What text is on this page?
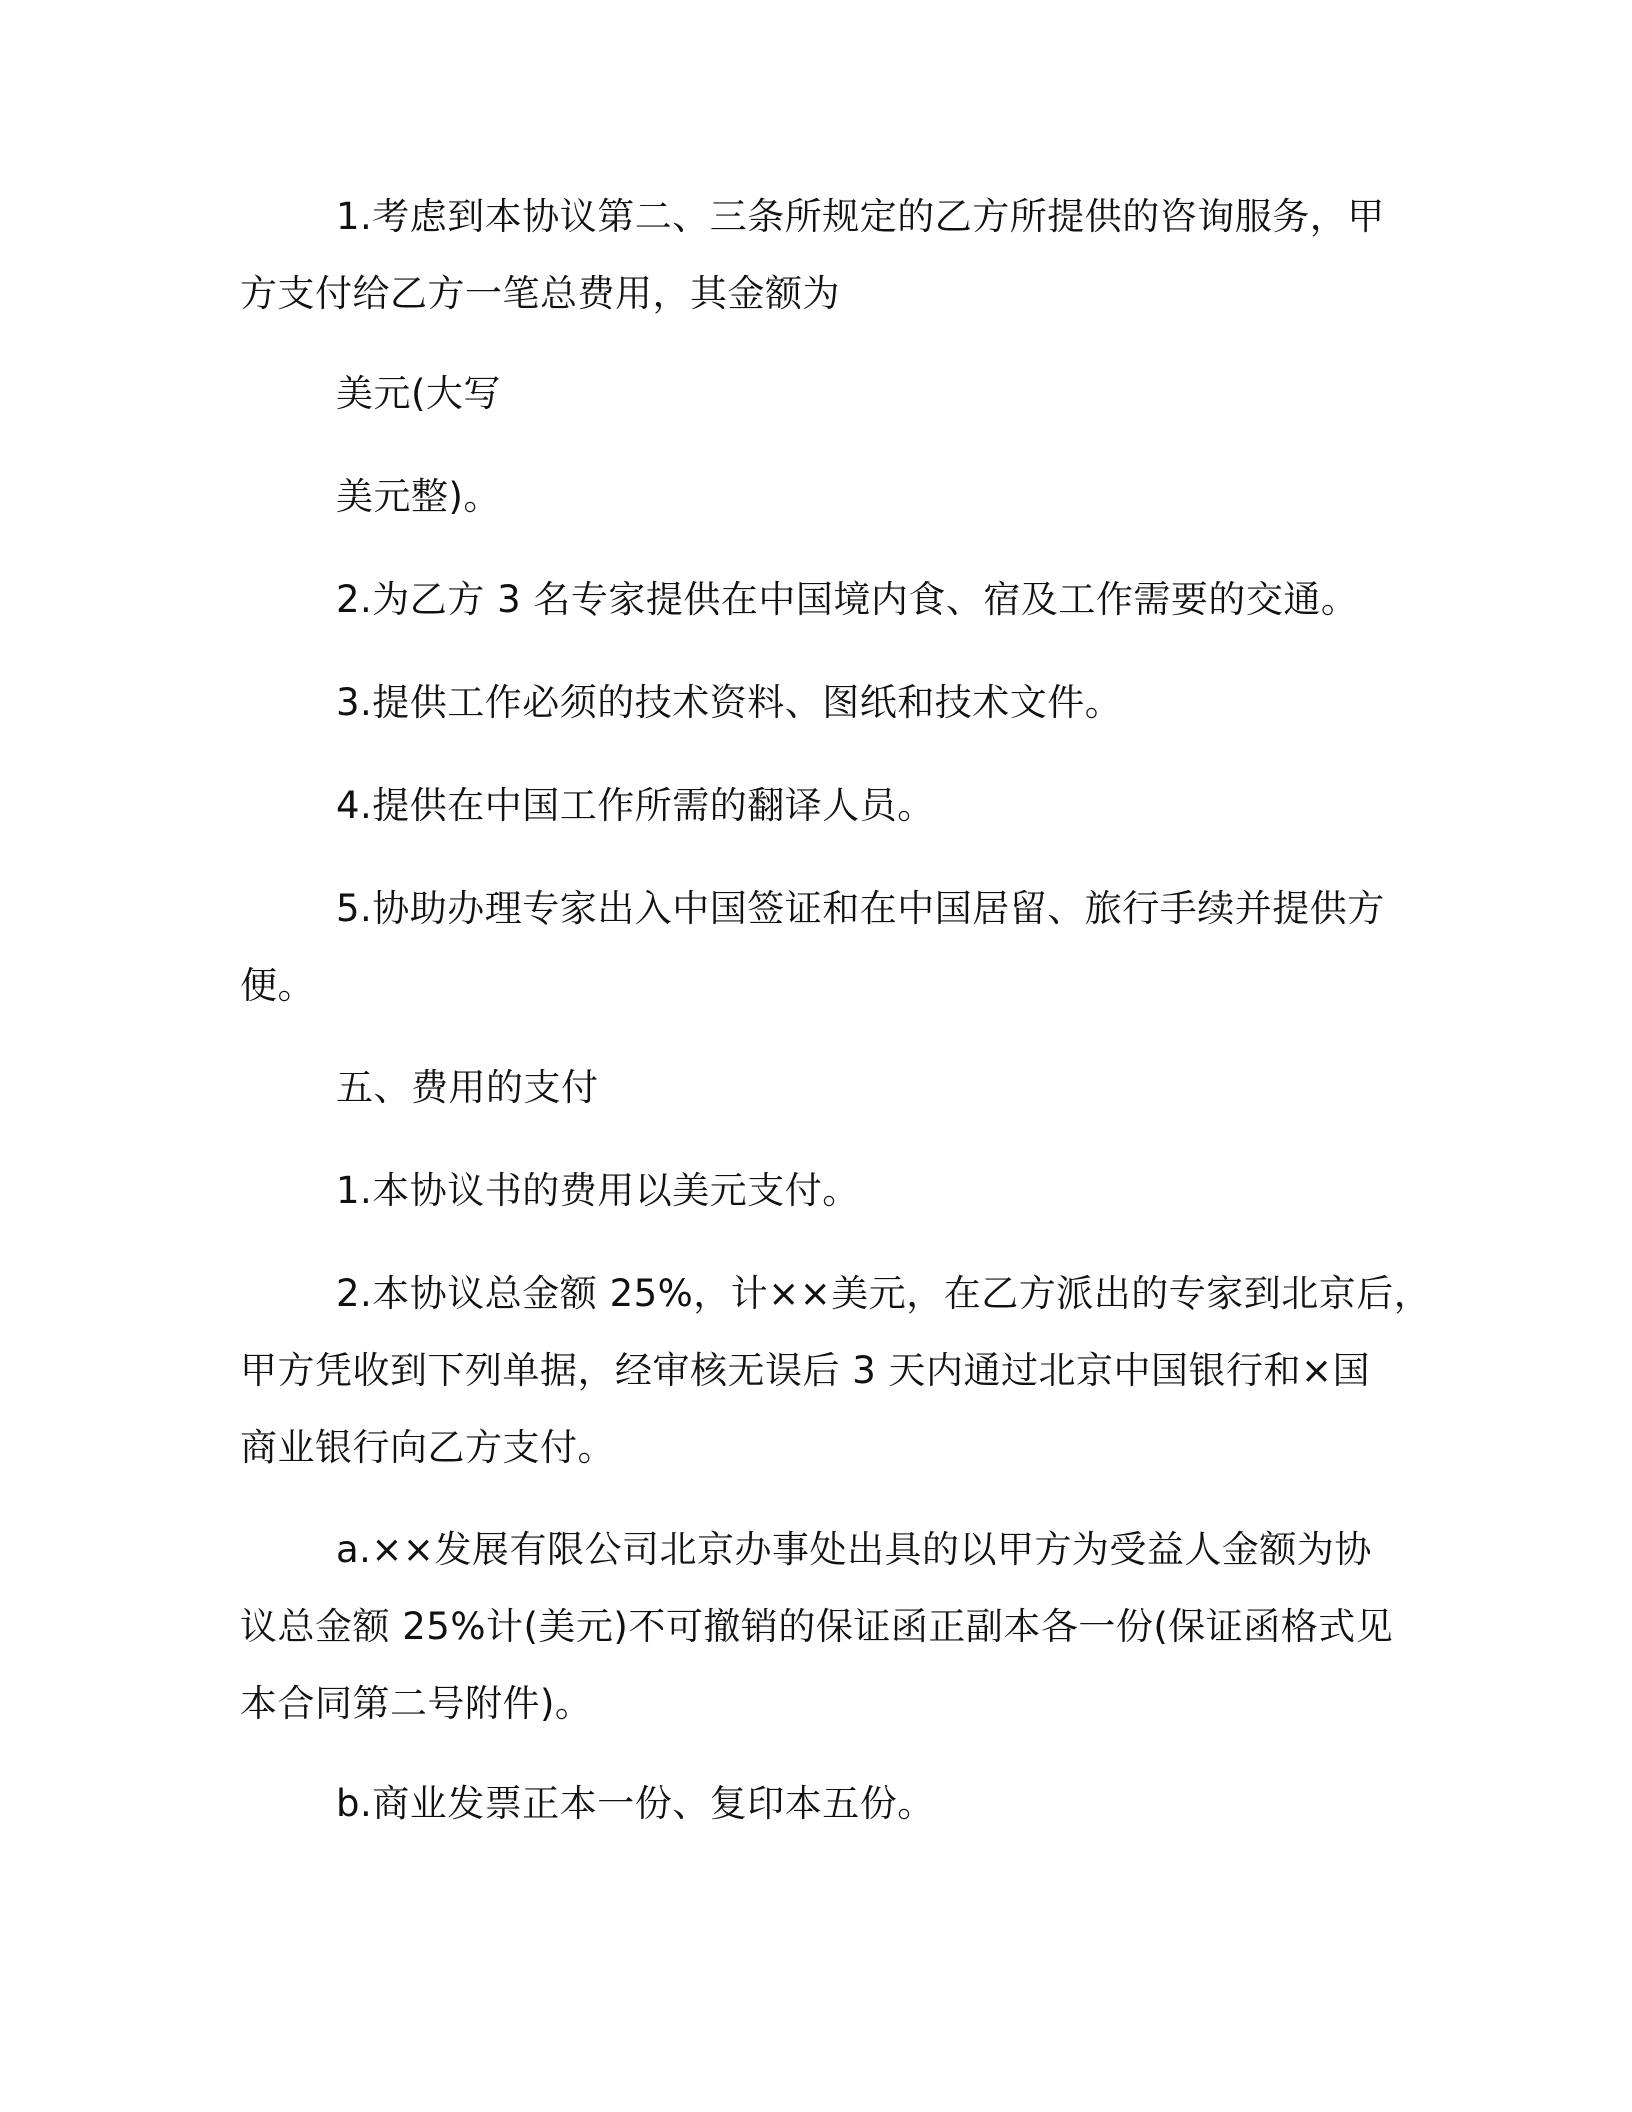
1.考虑到本协议第二、三条所规定的乙方所提供的咨询服务，甲
方支付给乙方一笔总费用，其金额为
美元(大写
美元整)。
2.为乙方 3 名专家提供在中国境内食、宿及工作需要的交通。
3.提供工作必须的技术资料、图纸和技术文件。
4.提供在中国工作所需的翻译人员。
5.协助办理专家出入中国签证和在中国居留、旅行手续并提供方
便。
五、费用的支付
1.本协议书的费用以美元支付。
2.本协议总金额 25%，计××美元，在乙方派出的专家到北京后，
甲方凭收到下列单据，经审核无误后 3 天内通过北京中国银行和×国
商业银行向乙方支付。
a.××发展有限公司北京办事处出具的以甲方为受益人金额为协
议总金额 25%计(美元)不可撤销的保证函正副本各一份(保证函格式见
本合同第二号附件)。
b.商业发票正本一份、复印本五份。
